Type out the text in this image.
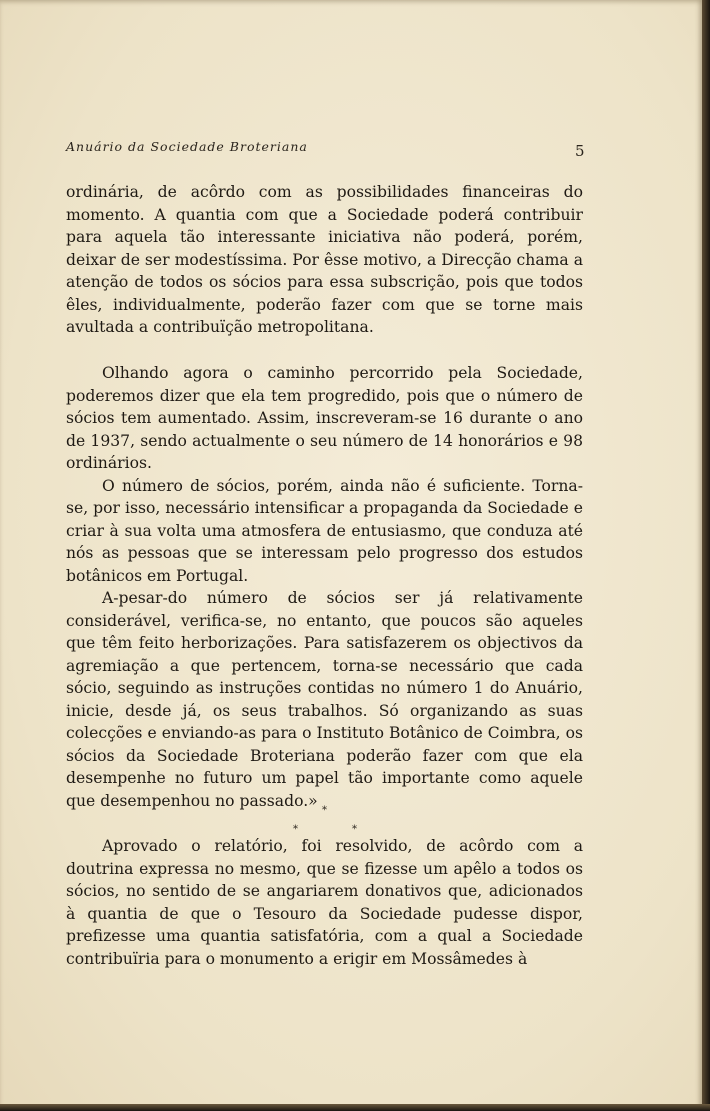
Anuário da Sociedade Broteriana	5

ordinária, de acôrdo com as possibilidades financeiras do momento. A quantia com que a Sociedade poderá contribuir para aquela tão interessante iniciativa não poderá, porém, deixar de ser modestíssima. Por êsse motivo, a Direcção chama a atenção de todos os sócios para essa subscrição, pois que todos êles, individualmente, poderão fazer com que se torne mais avultada a contribuïção metropolitana.

Olhando agora o caminho percorrido pela Sociedade, poderemos dizer que ela tem progredido, pois que o número de sócios tem aumentado. Assim, inscreveram-se 16 durante o ano de 1937, sendo actualmente o seu número de 14 honorários e 98 ordinários.

O número de sócios, porém, ainda não é suficiente. Torna-se, por isso, necessário intensificar a propaganda da Sociedade e criar à sua volta uma atmosfera de entusiasmo, que conduza até nós as pessoas que se interessam pelo progresso dos estudos botânicos em Portugal.

A-pesar-do número de sócios ser já relativamente considerável, verifica-se, no entanto, que poucos são aqueles que têm feito herborizações. Para satisfazerem os objectivos da agremiação a que pertencem, torna-se necessário que cada sócio, seguindo as instruções contidas no número 1 do Anuário, inicie, desde já, os seus trabalhos. Só organizando as suas colecções e enviando-as para o Instituto Botânico de Coimbra, os sócios da Sociedade Broteriana poderão fazer com que ela desempenhe no futuro um papel tão importante como aquele que desempenhou no passado.»

*
*	*

Aprovado o relatório, foi resolvido, de acôrdo com a doutrina expressa no mesmo, que se fizesse um apêlo a todos os sócios, no sentido de se angariarem donativos que, adicionados à quantia de que o Tesouro da Sociedade pudesse dispor, prefizesse uma quantia satisfatória, com a qual a Sociedade contribuïria para o monumento a erigir em Mossâmedes à
